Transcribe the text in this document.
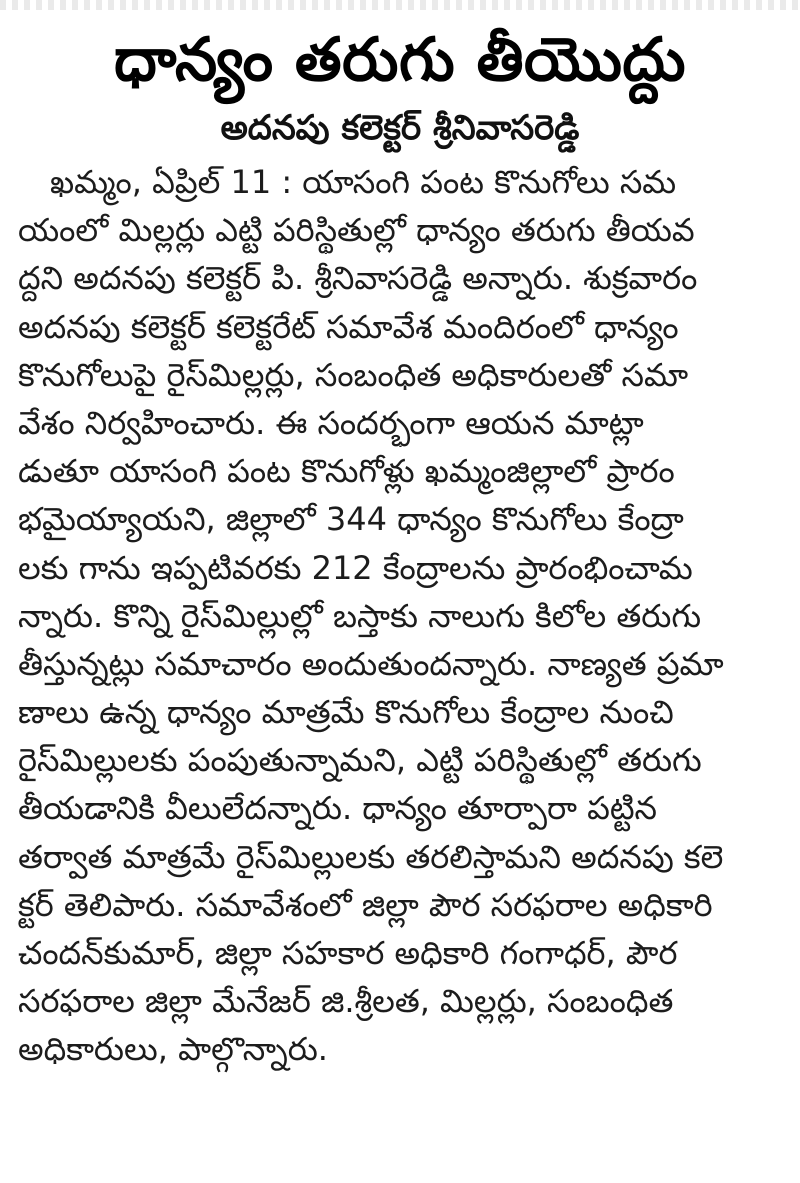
ధాన్యం తరుగు తీయొద్దు
అదనపు కలెక్టర్ శ్రీనివాసరెడ్డి
ఖమ్మం, ఏప్రిల్ 11 : యాసంగి పంట కొనుగోలు సమ
యంలో మిల్లర్లు ఎట్టి పరిస్థితుల్లో ధాన్యం తరుగు తీయవ
ద్దని అదనపు కలెక్టర్ పి. శ్రీనివాసరెడ్డి అన్నారు. శుక్రవారం
అదనపు కలెక్టర్ కలెక్టరేట్ సమావేశ మందిరంలో ధాన్యం
కొనుగోలుపై రైస్‌మిల్లర్లు, సంబంధిత అధికారులతో సమా
వేశం నిర్వహించారు. ఈ సందర్భంగా ఆయన మాట్లా
డుతూ యాసంగి పంట కొనుగోళ్లు ఖమ్మంజిల్లాలో ప్రారం
భమైయ్యాయని, జిల్లాలో 344 ధాన్యం కొనుగోలు కేంద్రా
లకు గాను ఇప్పటివరకు 212 కేంద్రాలను ప్రారంభించామ
న్నారు. కొన్ని రైస్‌మిల్లుల్లో బస్తాకు నాలుగు కిలోల తరుగు
తీస్తున్నట్లు సమాచారం అందుతుందన్నారు. నాణ్యత ప్రమా
ణాలు ఉన్న ధాన్యం మాత్రమే కొనుగోలు కేంద్రాల నుంచి
రైస్‌మిల్లులకు పంపుతున్నామని, ఎట్టి పరిస్థితుల్లో తరుగు
తీయడానికి వీలులేదన్నారు. ధాన్యం తూర్పారా పట్టిన
తర్వాత మాత్రమే రైస్‌మిల్లులకు తరలిస్తామని అదనపు కలె
క్టర్ తెలిపారు. సమావేశంలో జిల్లా పౌర సరఫరాల అధికారి
చందన్‌కుమార్, జిల్లా సహకార అధికారి గంగాధర్, పౌర
సరఫరాల జిల్లా మేనేజర్ జి.శ్రీలత, మిల్లర్లు, సంబంధిత
అధికారులు, పాల్గొన్నారు.
